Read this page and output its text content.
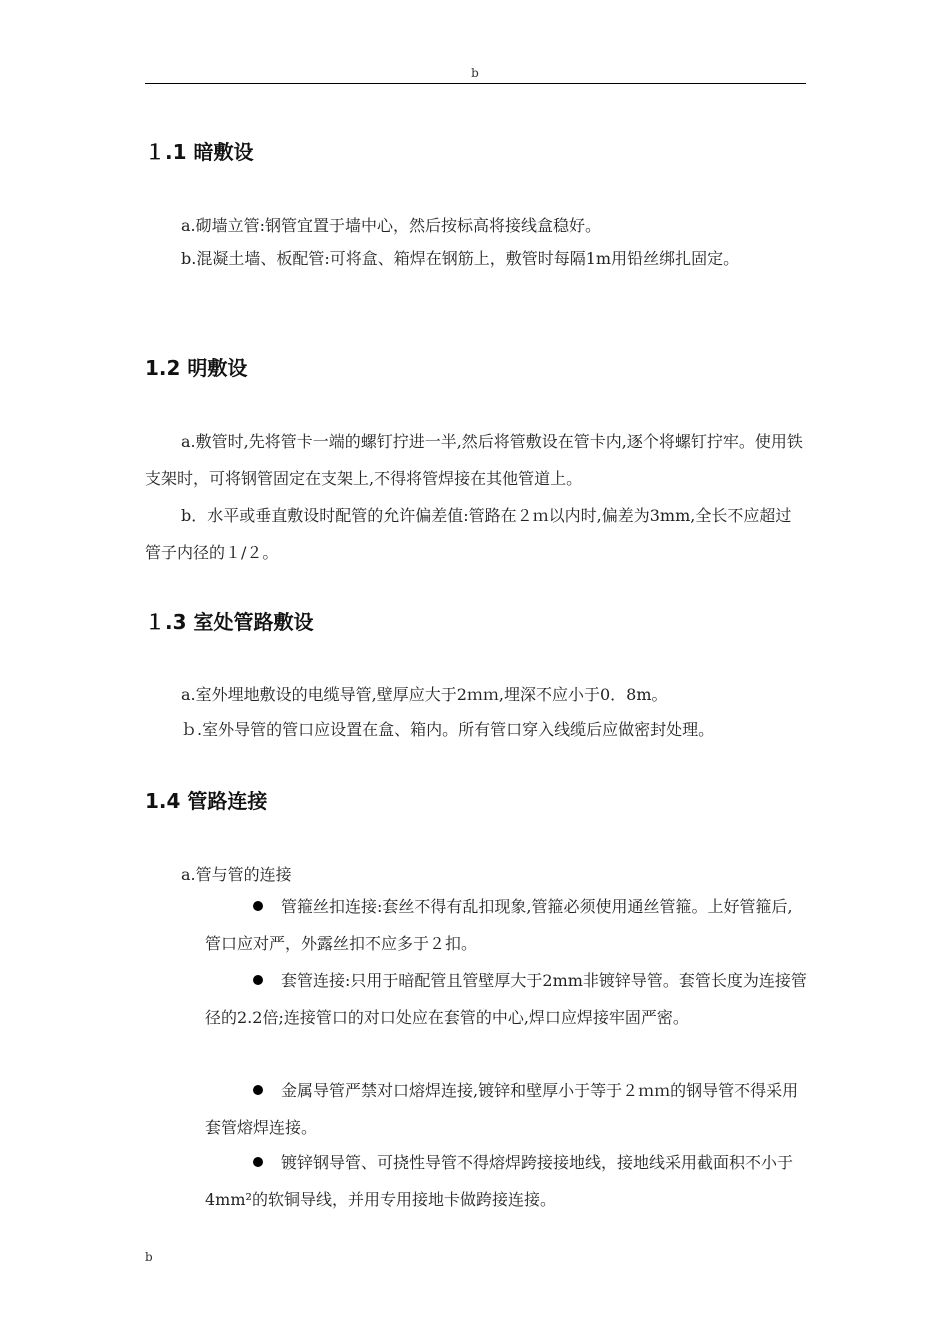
b
１.1 暗敷设

a.砌墙立管:钢管宜置于墙中心，然后按标高将接线盒稳好。

b.混凝土墙、板配管:可将盒、箱焊在钢筋上，敷管时每隔1m用铅丝绑扎固定。

1.2 明敷设

a.敷管时,先将管卡一端的螺钉拧进一半,然后将管敷设在管卡内,逐个将螺钉拧牢。使用铁支架时，可将钢管固定在支架上,不得将管焊接在其他管道上。

b．水平或垂直敷设时配管的允许偏差值:管路在２ｍ以内时,偏差为3mm,全长不应超过管子内径的１/２。

１.3 室处管路敷设

a.室外埋地敷设的电缆导管,壁厚应大于2ｍｍ,埋深不应小于0．8m。

ｂ.室外导管的管口应设置在盒、箱内。所有管口穿入线缆后应做密封处理。

1.4 管路连接
a.管与管的连接

管箍丝扣连接:套丝不得有乱扣现象,管箍必须使用通丝管箍。上好管箍后,管口应对严，外露丝扣不应多于２扣。

套管连接:只用于暗配管且管壁厚大于2mm非镀锌导管。套管长度为连接管径的2.2倍;连接管口的对口处应在套管的中心,焊口应焊接牢固严密。

金属导管严禁对口熔焊连接,镀锌和壁厚小于等于２ｍｍ的钢导管不得采用套管熔焊连接。

镀锌钢导管、可挠性导管不得熔焊跨接接地线，接地线采用截面积不小于4mm²的软铜导线，并用专用接地卡做跨接连接。

b
